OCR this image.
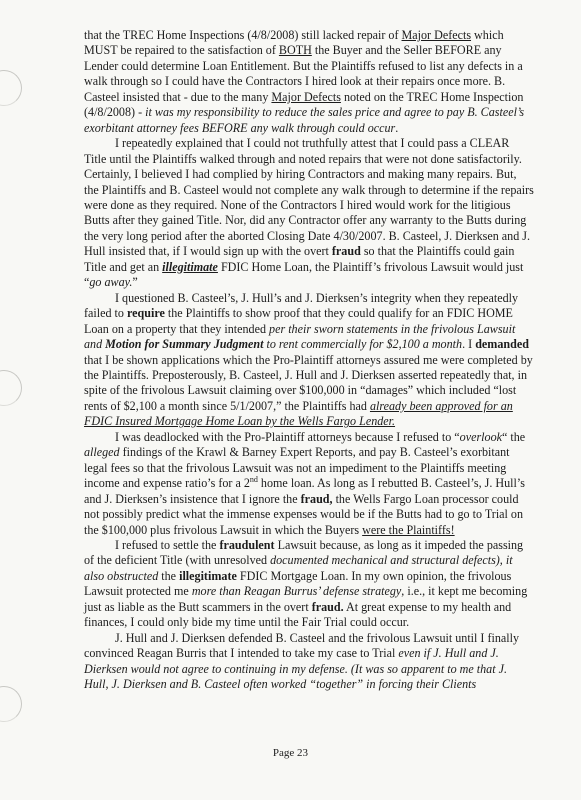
that the TREC Home Inspections (4/8/2008) still lacked repair of Major Defects which MUST be repaired to the satisfaction of BOTH the Buyer and the Seller BEFORE any Lender could determine Loan Entitlement. But the Plaintiffs refused to list any defects in a walk through so I could have the Contractors I hired look at their repairs once more. B. Casteel insisted that - due to the many Major Defects noted on the TREC Home Inspection (4/8/2008) - it was my responsibility to reduce the sales price and agree to pay B. Casteel’s exorbitant attorney fees BEFORE any walk through could occur.

I repeatedly explained that I could not truthfully attest that I could pass a CLEAR Title until the Plaintiffs walked through and noted repairs that were not done satisfactorily. Certainly, I believed I had complied by hiring Contractors and making many repairs. But, the Plaintiffs and B. Casteel would not complete any walk through to determine if the repairs were done as they required. None of the Contractors I hired would work for the litigious Butts after they gained Title. Nor, did any Contractor offer any warranty to the Butts during the very long period after the aborted Closing Date 4/30/2007. B. Casteel, J. Dierksen and J. Hull insisted that, if I would sign up with the overt fraud so that the Plaintiffs could gain Title and get an illegitimate FDIC Home Loan, the Plaintiff’s frivolous Lawsuit would just “go away.”

I questioned B. Casteel’s, J. Hull’s and J. Dierksen’s integrity when they repeatedly failed to require the Plaintiffs to show proof that they could qualify for an FDIC HOME Loan on a property that they intended per their sworn statements in the frivolous Lawsuit and Motion for Summary Judgment to rent commercially for $2,100 a month. I demanded that I be shown applications which the Pro-Plaintiff attorneys assured me were completed by the Plaintiffs. Preposterously, B. Casteel, J. Hull and J. Dierksen asserted repeatedly that, in spite of the frivolous Lawsuit claiming over $100,000 in “damages” which included “lost rents of $2,100 a month since 5/1/2007,” the Plaintiffs had already been approved for an FDIC Insured Mortgage Home Loan by the Wells Fargo Lender.

I was deadlocked with the Pro-Plaintiff attorneys because I refused to “overlook“ the alleged findings of the Krawl & Barney Expert Reports, and pay B. Casteel’s exorbitant legal fees so that the frivolous Lawsuit was not an impediment to the Plaintiffs meeting income and expense ratio’s for a 2nd home loan. As long as I rebutted B. Casteel’s, J. Hull’s and J. Dierksen’s insistence that I ignore the fraud, the Wells Fargo Loan processor could not possibly predict what the immense expenses would be if the Butts had to go to Trial on the $100,000 plus frivolous Lawsuit in which the Buyers were the Plaintiffs!

I refused to settle the fraudulent Lawsuit because, as long as it impeded the passing of the deficient Title (with unresolved documented mechanical and structural defects), it also obstructed the illegitimate FDIC Mortgage Loan. In my own opinion, the frivolous Lawsuit protected me more than Reagan Burrus’ defense strategy, i.e., it kept me becoming just as liable as the Butt scammers in the overt fraud. At great expense to my health and finances, I could only bide my time until the Fair Trial could occur.

J. Hull and J. Dierksen defended B. Casteel and the frivolous Lawsuit until I finally convinced Reagan Burris that I intended to take my case to Trial even if J. Hull and J. Dierksen would not agree to continuing in my defense. (It was so apparent to me that J. Hull, J. Dierksen and B. Casteel often worked “together” in forcing their Clients

Page 23
